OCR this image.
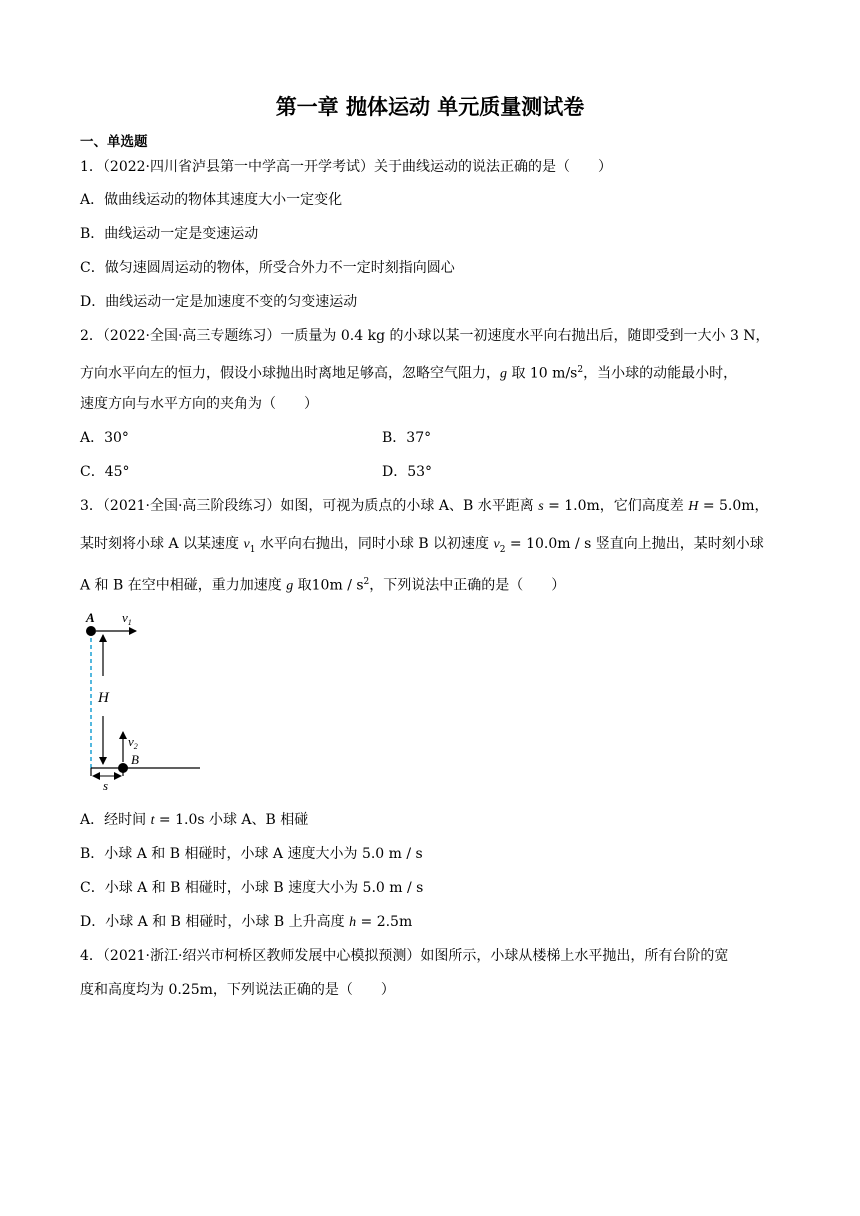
第一章 抛体运动 单元质量测试卷
一、单选题
1．（2022·四川省泸县第一中学高一开学考试）关于曲线运动的说法正确的是（　　）
A．做曲线运动的物体其速度大小一定变化
B．曲线运动一定是变速运动
C．做匀速圆周运动的物体，所受合外力不一定时刻指向圆心
D．曲线运动一定是加速度不变的匀变速运动
2．（2022·全国·高三专题练习）一质量为 0.4 kg 的小球以某一初速度水平向右抛出后，随即受到一大小 3 N，
方向水平向左的恒力，假设小球抛出时离地足够高，忽略空气阻力，g 取 10 $m/s^2$，当小球的动能最小时，
速度方向与水平方向的夹角为（　　）
A．30°	B．37°
C．45°	D．53°
3．（2021·全国·高三阶段练习）如图，可视为质点的小球 A、B 水平距离 s = 1.0m，它们高度差 H = 5.0m，
某时刻将小球 A 以某速度 $v_1$ 水平向右抛出，同时小球 B 以初速度 $v_2 = 10.0m / s$ 竖直向上抛出，某时刻小球
A 和 B 在空中相碰，重力加速度 g 取$10m / s^2$，下列说法中正确的是（　　）
A $v_1$
H
$v_2$
B
s
A．经时间 t = 1.0s 小球 A、B 相碰
B．小球 A 和 B 相碰时，小球 A 速度大小为 5.0 m / s
C．小球 A 和 B 相碰时，小球 B 速度大小为 5.0 m / s
D．小球 A 和 B 相碰时，小球 B 上升高度 h = 2.5m
4．（2021·浙江·绍兴市柯桥区教师发展中心模拟预测）如图所示，小球从楼梯上水平抛出，所有台阶的宽
度和高度均为 0.25m，下列说法正确的是（　　）
